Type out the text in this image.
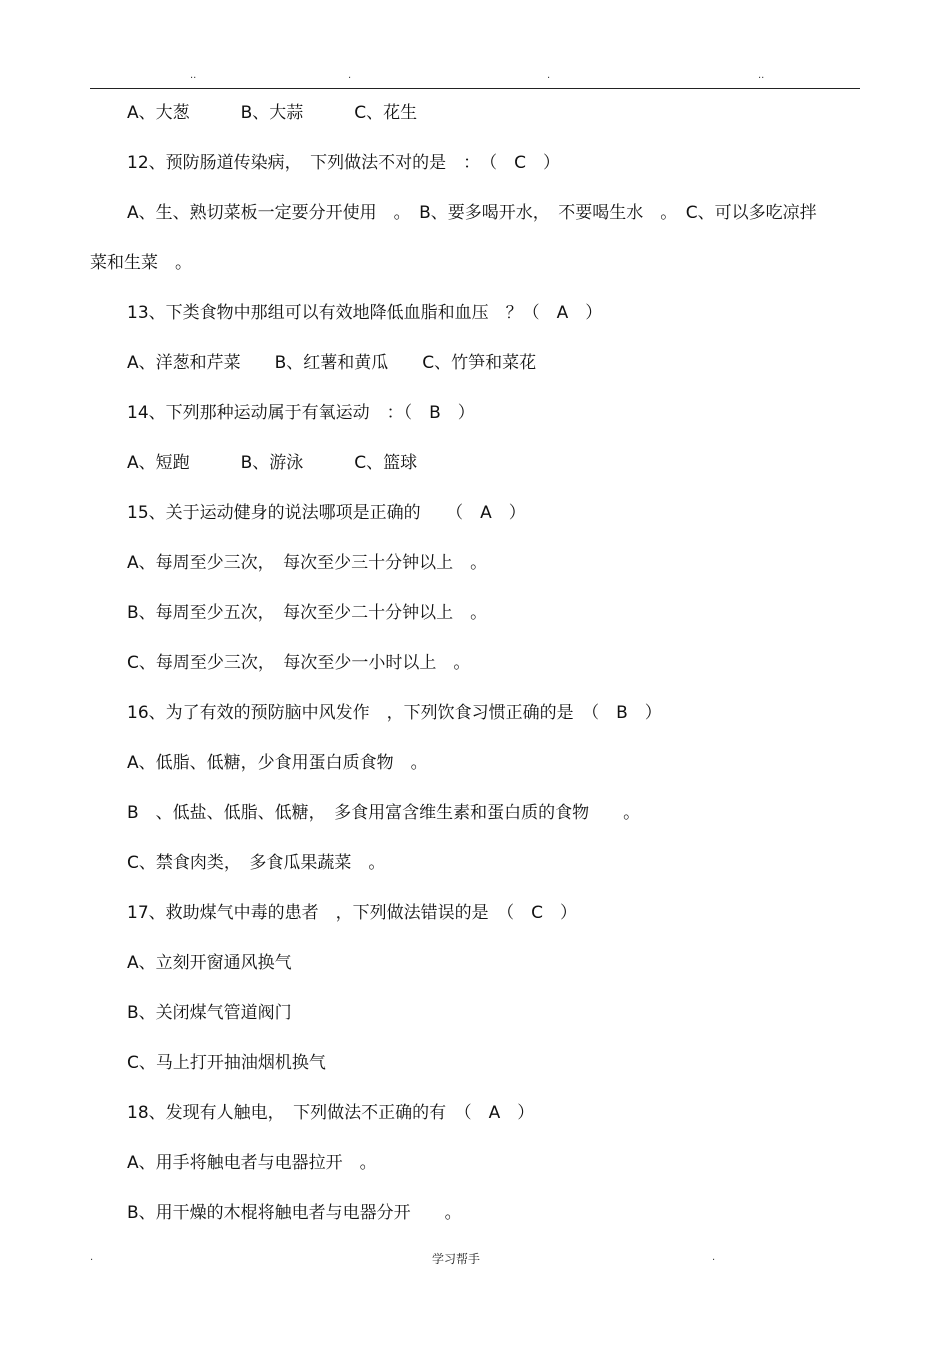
..	.	.	..
A、大葱　　　B、大蒜　　　C、花生
12、预防肠道传染病，　下列做法不对的是　：　（　C　）
A、生、熟切菜板一定要分开使用　。　B、要多喝开水，　不要喝生水　。　C、可以多吃凉拌
菜和生菜　。
13、下类食物中那组可以有效地降低血脂和血压　？（　A　）
A、洋葱和芹菜　　B、红薯和黄瓜　　C、竹笋和菜花
14、下列那种运动属于有氧运动　：（　B　）
A、短跑　　　B、游泳　　　C、篮球
15、关于运动健身的说法哪项是正确的　　（　A　）
A、每周至少三次，　每次至少三十分钟以上　。
B、每周至少五次，　每次至少二十分钟以上　。
C、每周至少三次，　每次至少一小时以上　。
16、为了有效的预防脑中风发作　，下列饮食习惯正确的是　（　B　）
A、低脂、低糖，少食用蛋白质食物　。
B　、低盐、低脂、低糖，　多食用富含维生素和蛋白质的食物　　。
C、禁食肉类，　多食瓜果蔬菜　。
17、救助煤气中毒的患者　，下列做法错误的是　（　C　）
A、立刻开窗通风换气
B、关闭煤气管道阀门
C、马上打开抽油烟机换气
18、发现有人触电，　下列做法不正确的有　（　A　）
A、用手将触电者与电器拉开　。
B、用干燥的木棍将触电者与电器分开　　。
.	学习帮手	.
